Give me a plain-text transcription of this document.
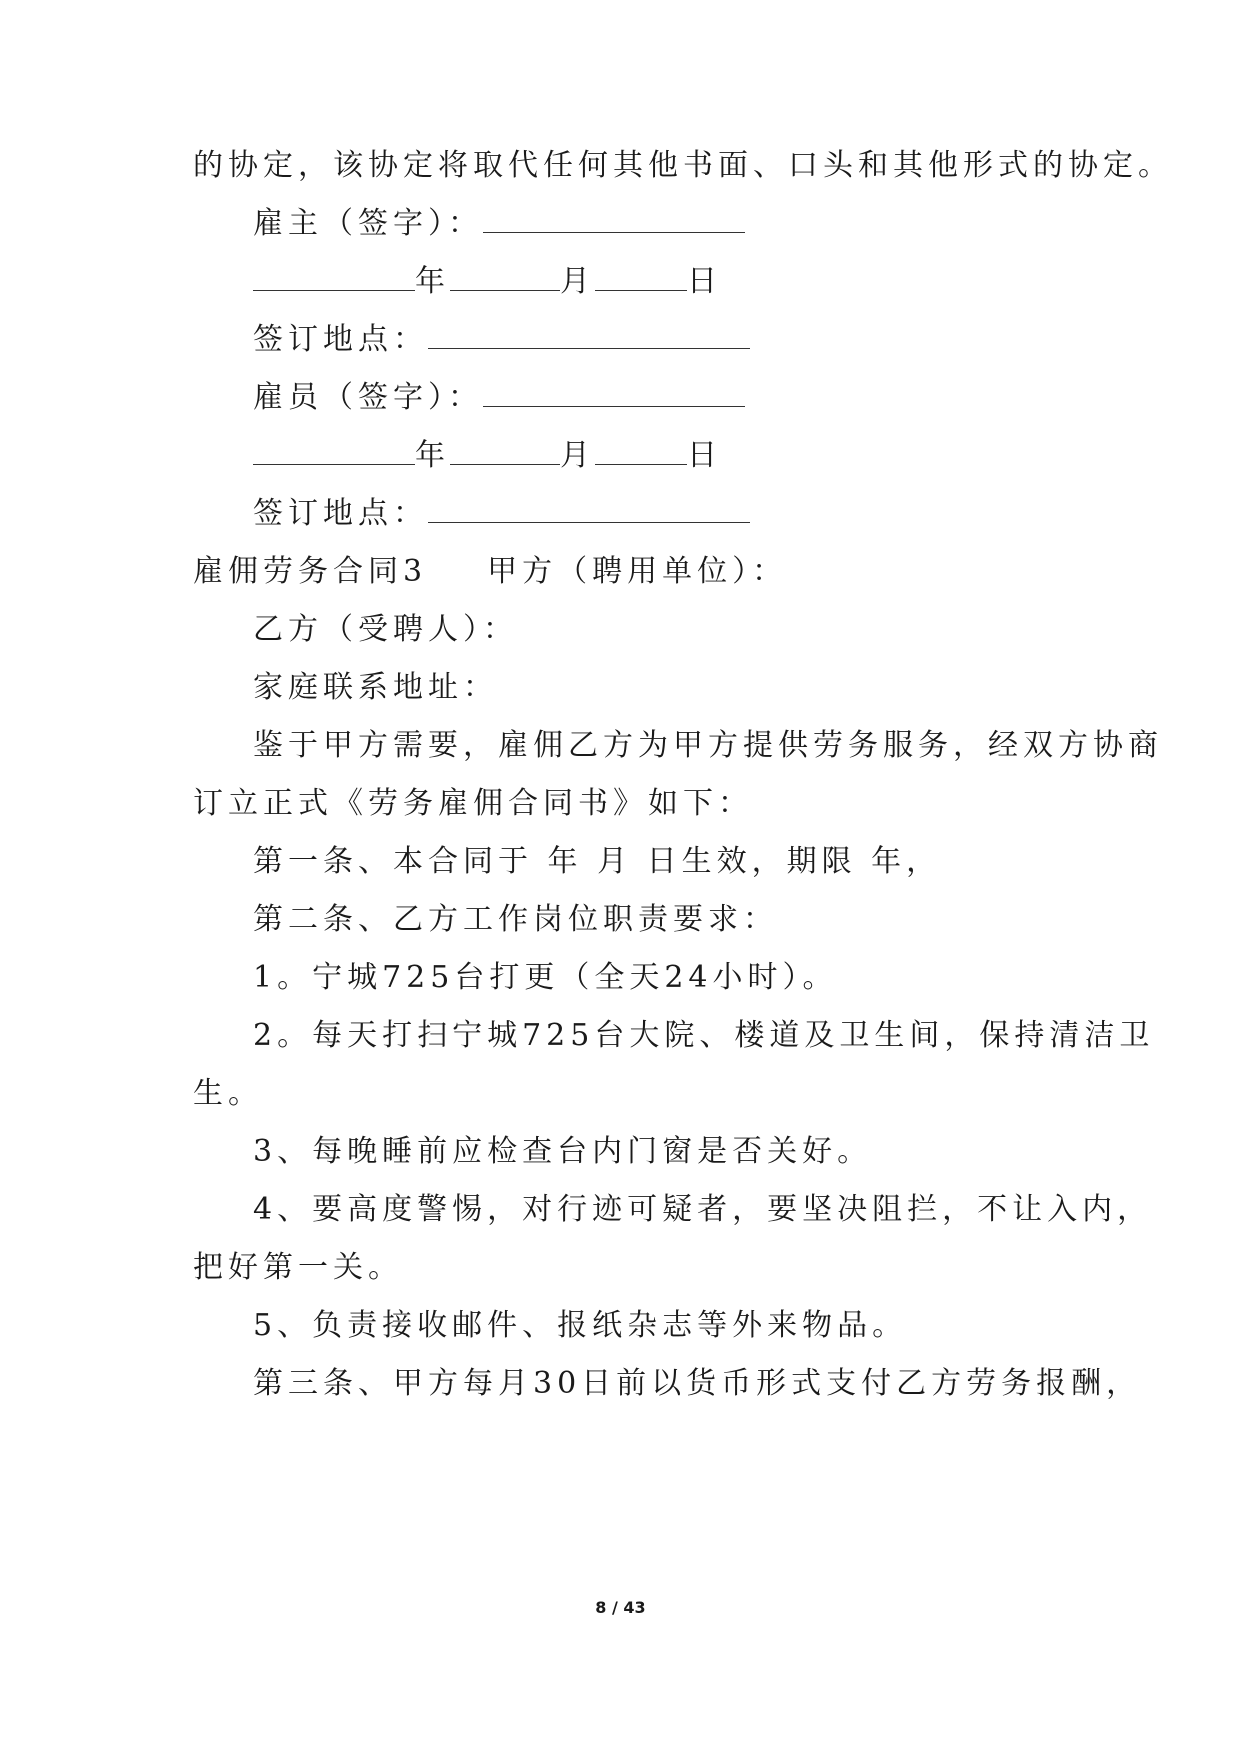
的协定，该协定将取代任何其他书面、口头和其他形式的协定。
雇主（签字）：
年	月	日
签订地点：
雇员（签字）：
年	月	日
签订地点：
雇佣劳务合同3 甲方（聘用单位）：
乙方（受聘人）：
家庭联系地址：
鉴于甲方需要，雇佣乙方为甲方提供劳务服务，经双方协商
订立正式《劳务雇佣合同书》如下：
第一条、本合同于 年 月 日生效，期限 年，
第二条、乙方工作岗位职责要求：
1。宁城725台打更（全天24小时）。
2。每天打扫宁城725台大院、楼道及卫生间，保持清洁卫
生。
3、每晚睡前应检查台内门窗是否关好。
4、要高度警惕，对行迹可疑者，要坚决阻拦，不让入内，
把好第一关。
5、负责接收邮件、报纸杂志等外来物品。
第三条、甲方每月30日前以货币形式支付乙方劳务报酬，
8 / 43
